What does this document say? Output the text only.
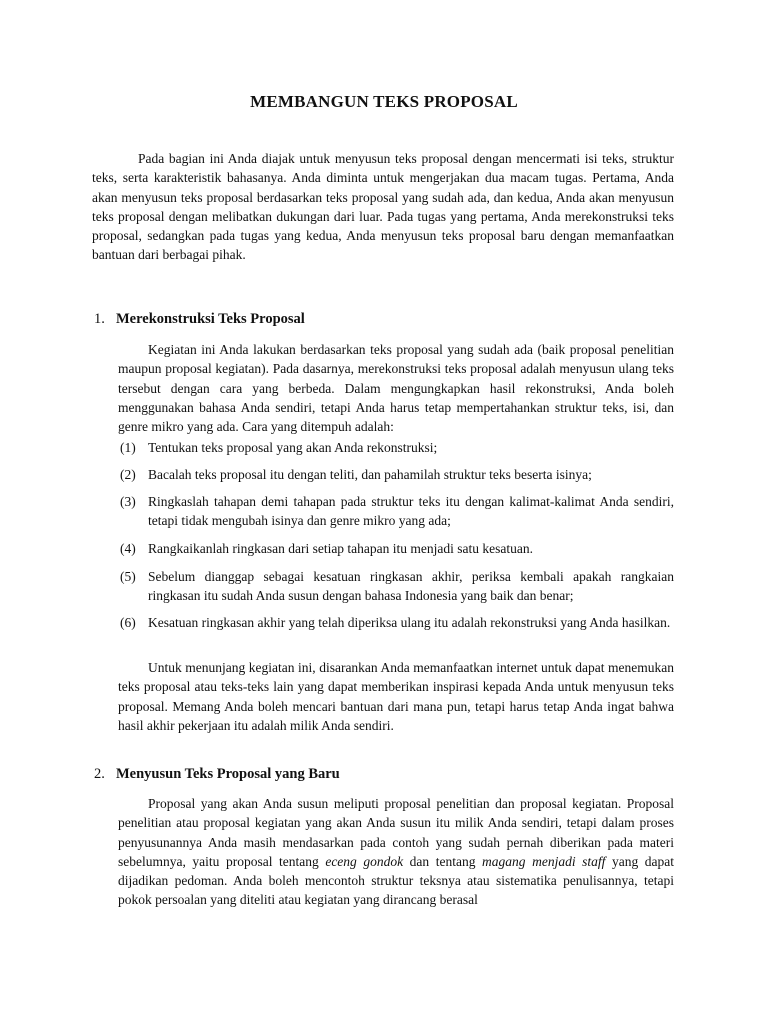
MEMBANGUN TEKS PROPOSAL
Pada bagian ini Anda diajak untuk menyusun teks proposal dengan mencermati isi teks, struktur teks, serta karakteristik bahasanya. Anda diminta untuk mengerjakan dua macam tugas. Pertama, Anda akan menyusun teks proposal berdasarkan teks proposal yang sudah ada, dan kedua, Anda akan menyusun teks proposal dengan melibatkan dukungan dari luar. Pada tugas yang pertama, Anda merekonstruksi teks proposal, sedangkan pada tugas yang kedua, Anda menyusun teks proposal baru dengan memanfaatkan bantuan dari berbagai pihak.
1. Merekonstruksi Teks Proposal
Kegiatan ini Anda lakukan berdasarkan teks proposal yang sudah ada (baik proposal penelitian maupun proposal kegiatan). Pada dasarnya, merekonstruksi teks proposal adalah menyusun ulang teks tersebut dengan cara yang berbeda. Dalam mengungkapkan hasil rekonstruksi, Anda boleh menggunakan bahasa Anda sendiri, tetapi Anda harus tetap mempertahankan struktur teks, isi, dan genre mikro yang ada. Cara yang ditempuh adalah:
(1) Tentukan teks proposal yang akan Anda rekonstruksi;
(2) Bacalah teks proposal itu dengan teliti, dan pahamilah struktur teks beserta isinya;
(3) Ringkaslah tahapan demi tahapan pada struktur teks itu dengan kalimat-kalimat Anda sendiri, tetapi tidak mengubah isinya dan genre mikro yang ada;
(4) Rangkaikanlah ringkasan dari setiap tahapan itu menjadi satu kesatuan.
(5) Sebelum dianggap sebagai kesatuan ringkasan akhir, periksa kembali apakah rangkaian ringkasan itu sudah Anda susun dengan bahasa Indonesia yang baik dan benar;
(6) Kesatuan ringkasan akhir yang telah diperiksa ulang itu adalah rekonstruksi yang Anda hasilkan.
Untuk menunjang kegiatan ini, disarankan Anda memanfaatkan internet untuk dapat menemukan teks proposal atau teks-teks lain yang dapat memberikan inspirasi kepada Anda untuk menyusun teks proposal. Memang Anda boleh mencari bantuan dari mana pun, tetapi harus tetap Anda ingat bahwa hasil akhir pekerjaan itu adalah milik Anda sendiri.
2. Menyusun Teks Proposal yang Baru
Proposal yang akan Anda susun meliputi proposal penelitian dan proposal kegiatan. Proposal penelitian atau proposal kegiatan yang akan Anda susun itu milik Anda sendiri, tetapi dalam proses penyusunannya Anda masih mendasarkan pada contoh yang sudah pernah diberikan pada materi sebelumnya, yaitu proposal tentang eceng gondok dan tentang magang menjadi staff yang dapat dijadikan pedoman. Anda boleh mencontoh struktur teksnya atau sistematika penulisannya, tetapi pokok persoalan yang diteliti atau kegiatan yang dirancang berasal
